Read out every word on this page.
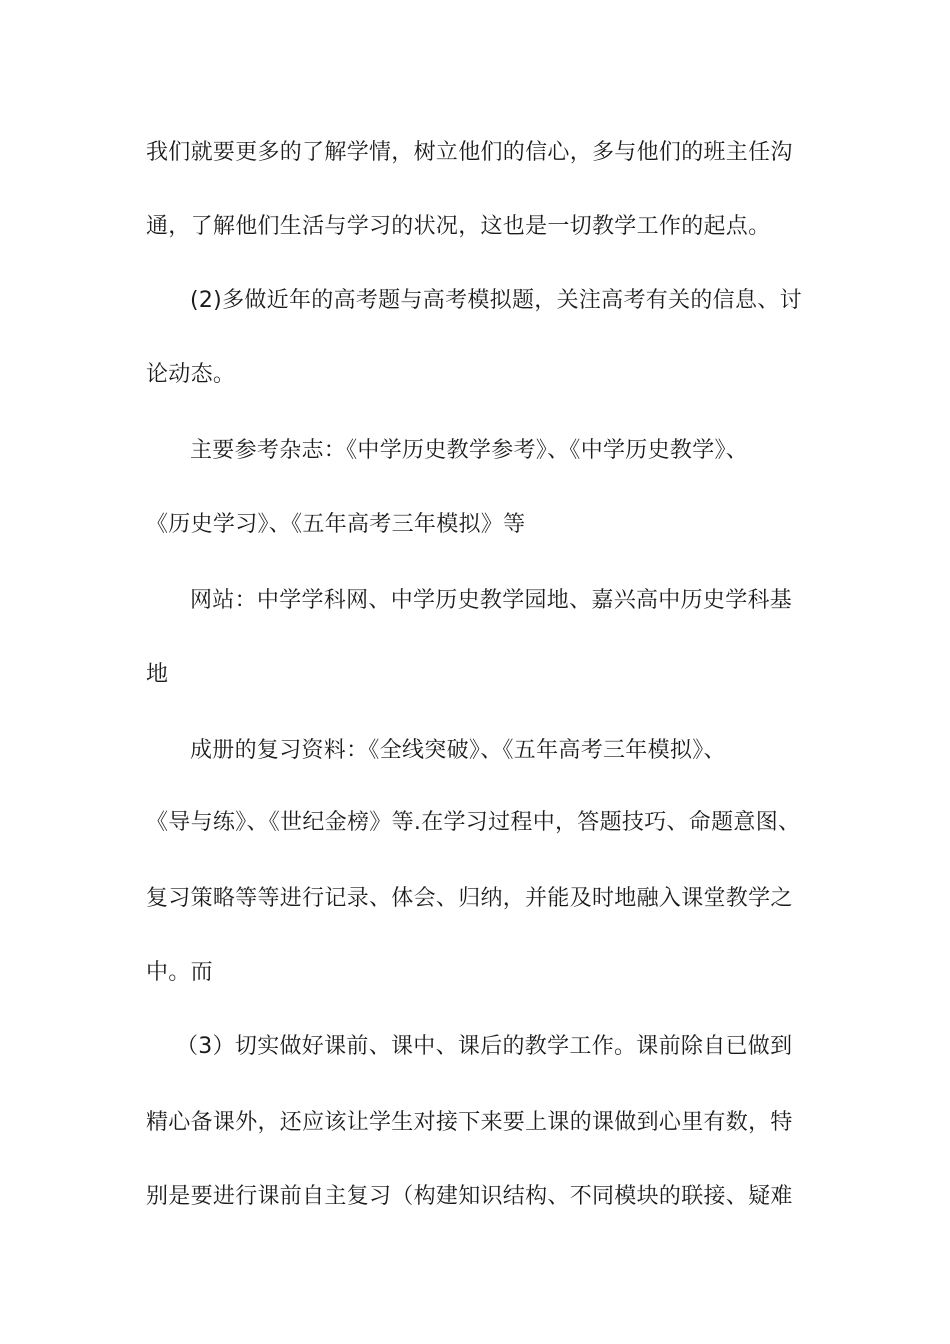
我们就要更多的了解学情，树立他们的信心，多与他们的班主任沟
通，了解他们生活与学习的状况，这也是一切教学工作的起点。
(2)多做近年的高考题与高考模拟题，关注高考有关的信息、讨
论动态。
主要参考杂志：《中学历史教学参考》、《中学历史教学》、
《历史学习》、《五年高考三年模拟》等
网站：中学学科网、中学历史教学园地、嘉兴高中历史学科基
地
成册的复习资料：《全线突破》、《五年高考三年模拟》、
《导与练》、《世纪金榜》等.在学习过程中，答题技巧、命题意图、
复习策略等等进行记录、体会、归纳，并能及时地融入课堂教学之
中。而
（3）切实做好课前、课中、课后的教学工作。课前除自已做到
精心备课外，还应该让学生对接下来要上课的课做到心里有数，特
别是要进行课前自主复习（构建知识结构、不同模块的联接、疑难
